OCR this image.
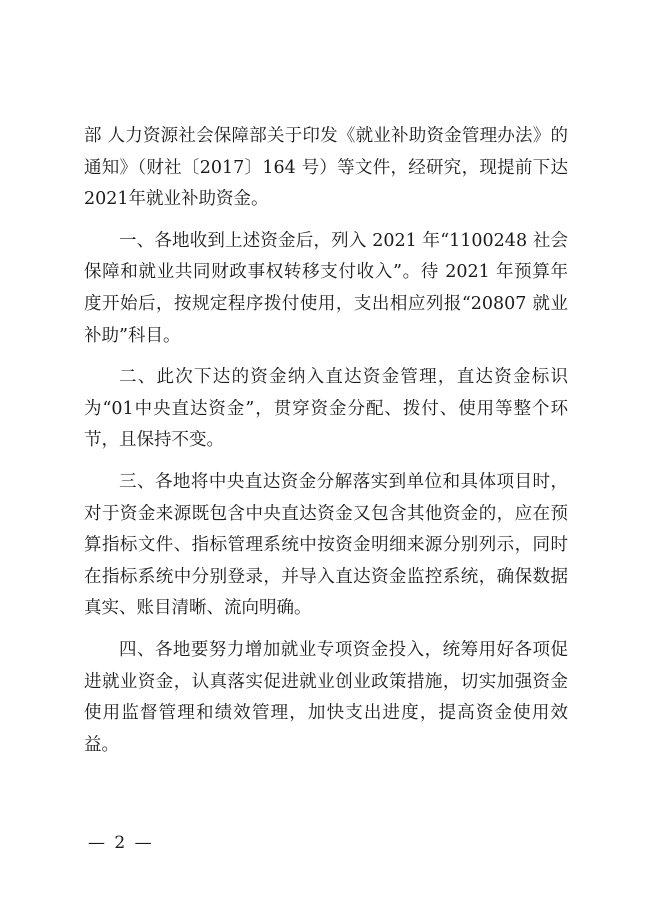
部 人力资源社会保障部关于印发《就业补助资金管理办法》的通知》（财社〔2017〕164 号）等文件，经研究，现提前下达 2021年就业补助资金。

一、各地收到上述资金后，列入 2021 年“1100248 社会保障和就业共同财政事权转移支付收入”。待 2021 年预算年度开始后，按规定程序拨付使用，支出相应列报“20807 就业补助”科目。

二、此次下达的资金纳入直达资金管理，直达资金标识为“01中央直达资金”，贯穿资金分配、拨付、使用等整个环节，且保持不变。

三、各地将中央直达资金分解落实到单位和具体项目时，对于资金来源既包含中央直达资金又包含其他资金的，应在预算指标文件、指标管理系统中按资金明细来源分别列示，同时在指标系统中分别登录，并导入直达资金监控系统，确保数据真实、账目清晰、流向明确。

四、各地要努力增加就业专项资金投入，统筹用好各项促进就业资金，认真落实促进就业创业政策措施，切实加强资金使用监督管理和绩效管理，加快支出进度，提高资金使用效益。

— 2 —
